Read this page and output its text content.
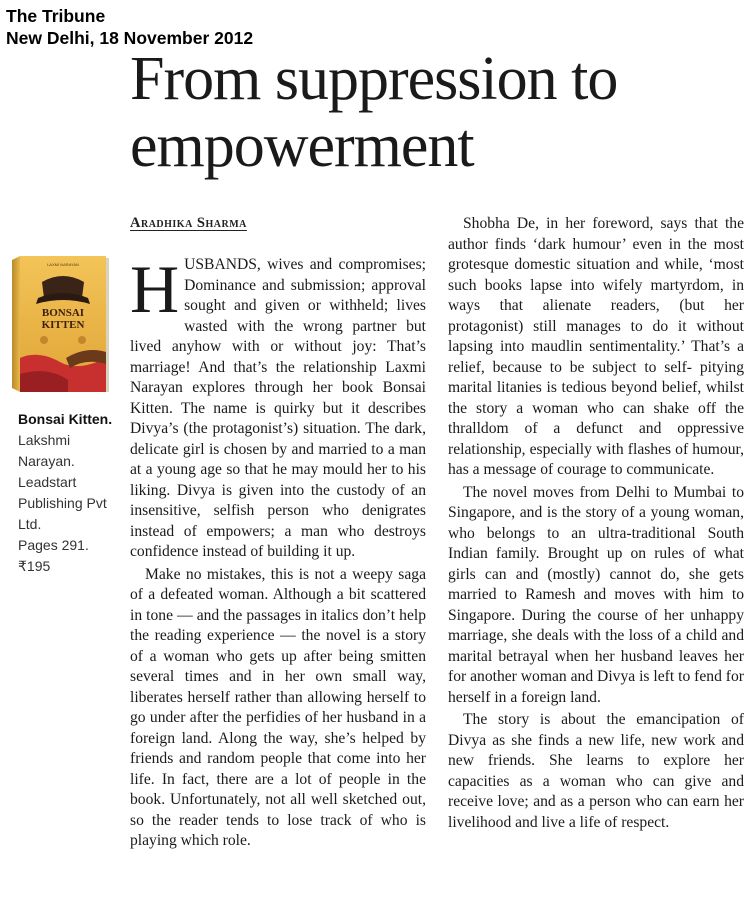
The Tribune
New Delhi, 18 November 2012
From suppression to empowerment
Aradhika Sharma
LAXMI NARAYAN
BONSAI
KITTEN
Bonsai Kitten.
Lakshmi Narayan.
Leadstart Publishing Pvt Ltd.
Pages 291.
₹195

HUSBANDS, wives and compromises; Dominance and submission; approval sought and given or withheld; lives wasted with the wrong partner but lived anyhow with or without joy: That’s marriage! And that’s the relationship Laxmi Narayan explores through her book Bonsai Kitten. The name is quirky but it describes Divya’s (the protagonist’s) situation. The dark, delicate girl is chosen by and married to a man at a young age so that he may mould her to his liking. Divya is given into the custody of an insensitive, selfish person who denigrates instead of empowers; a man who destroys confidence instead of building it up.

Make no mistakes, this is not a weepy saga of a defeated woman. Although a bit scattered in tone — and the passages in italics don’t help the reading experience — the novel is a story of a woman who gets up after being smitten several times and in her own small way, liberates herself rather than allowing herself to go under after the perfidies of her husband in a foreign land. Along the way, she’s helped by friends and random people that come into her life. In fact, there are a lot of people in the book. Unfortunately, not all well sketched out, so the reader tends to lose track of who is playing which role.

Shobha De, in her foreword, says that the author finds ‘dark humour’ even in the most grotesque domestic situation and while, ‘most such books lapse into wifely martyrdom, in ways that alienate readers, (but her protagonist) still manages to do it without lapsing into maudlin sentimentality.’ That’s a relief, because to be subject to self- pitying marital litanies is tedious beyond belief, whilst the story a woman who can shake off the thralldom of a defunct and oppressive relationship, especially with flashes of humour, has a message of courage to communicate.

The novel moves from Delhi to Mumbai to Singapore, and is the story of a young woman, who belongs to an ultra-traditional South Indian family. Brought up on rules of what girls can and (mostly) cannot do, she gets married to Ramesh and moves with him to Singapore. During the course of her unhappy marriage, she deals with the loss of a child and marital betrayal when her husband leaves her for another woman and Divya is left to fend for herself in a foreign land.

The story is about the emancipation of Divya as she finds a new life, new work and new friends. She learns to explore her capacities as a woman who can give and receive love; and as a person who can earn her livelihood and live a life of respect.
